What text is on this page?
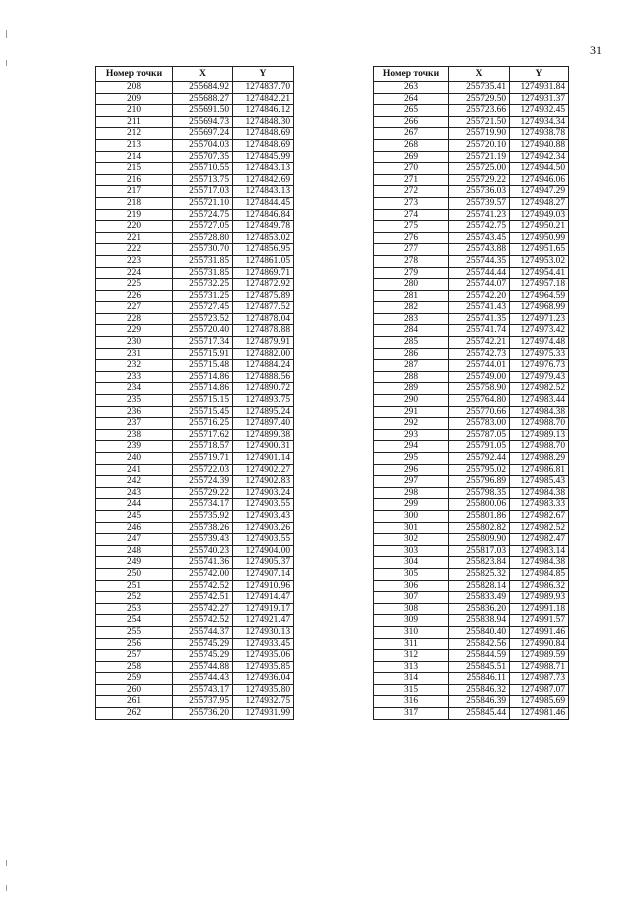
31
Номер точки	X	Y
208	255684.92	1274837.70
209	255688.27	1274842.21
210	255691.50	1274846.12
211	255694.73	1274848.30
212	255697.24	1274848.69
213	255704.03	1274848.69
214	255707.35	1274845.99
215	255710.55	1274843.13
216	255713.75	1274842.69
217	255717.03	1274843.13
218	255721.10	1274844.45
219	255724.75	1274846.84
220	255727.05	1274849.78
221	255728.80	1274853.02
222	255730.70	1274856.95
223	255731.85	1274861.05
224	255731.85	1274869.71
225	255732.25	1274872.92
226	255731.25	1274875.89
227	255727.45	1274877.52
228	255723.52	1274878.04
229	255720.40	1274878.88
230	255717.34	1274879.91
231	255715.91	1274882.00
232	255715.48	1274884.24
233	255714.86	1274888.56
234	255714.86	1274890.72
235	255715.15	1274893.75
236	255715.45	1274895.24
237	255716.25	1274897.40
238	255717.62	1274899.38
239	255718.57	1274900.31
240	255719.71	1274901.14
241	255722.03	1274902.27
242	255724.39	1274902.83
243	255729.22	1274903.24
244	255734.17	1274903.55
245	255735.92	1274903.43
246	255738.26	1274903.26
247	255739.43	1274903.55
248	255740.23	1274904.00
249	255741.36	1274905.37
250	255742.00	1274907.14
251	255742.52	1274910.96
252	255742.51	1274914.47
253	255742.27	1274919.17
254	255742.52	1274921.47
255	255744.37	1274930.13
256	255745.29	1274933.45
257	255745.29	1274935.06
258	255744.88	1274935.85
259	255744.43	1274936.04
260	255743.17	1274935.80
261	255737.95	1274932.75
262	255736.20	1274931.99
Номер точки	X	Y
263	255735.41	1274931.84
264	255729.50	1274931.37
265	255723.66	1274932.45
266	255721.50	1274934.34
267	255719.90	1274938.78
268	255720.10	1274940.88
269	255721.19	1274942.34
270	255725.00	1274944.50
271	255729.22	1274946.06
272	255736.03	1274947.29
273	255739.57	1274948.27
274	255741.23	1274949.03
275	255742.75	1274950.21
276	255743.45	1274950.99
277	255743.88	1274951.65
278	255744.35	1274953.02
279	255744.44	1274954.41
280	255744.07	1274957.18
281	255742.20	1274964.59
282	255741.43	1274968.99
283	255741.35	1274971.23
284	255741.74	1274973.42
285	255742.21	1274974.48
286	255742.73	1274975.33
287	255744.01	1274976.73
288	255749.00	1274979.43
289	255758.90	1274982.52
290	255764.80	1274983.44
291	255770.66	1274984.38
292	255783.00	1274988.70
293	255787.05	1274989.13
294	255791.05	1274988.70
295	255792.44	1274988.29
296	255795.02	1274986.81
297	255796.89	1274985.43
298	255798.35	1274984.38
299	255800.06	1274983.33
300	255801.86	1274982.67
301	255802.82	1274982.52
302	255809.90	1274982.47
303	255817.03	1274983.14
304	255823.84	1274984.38
305	255825.32	1274984.85
306	255828.14	1274986.32
307	255833.49	1274989.93
308	255836.20	1274991.18
309	255838.94	1274991.57
310	255840.40	1274991.46
311	255842.56	1274990.84
312	255844.59	1274989.59
313	255845.51	1274988.71
314	255846.11	1274987.73
315	255846.32	1274987.07
316	255846.39	1274985.69
317	255845.44	1274981.46
